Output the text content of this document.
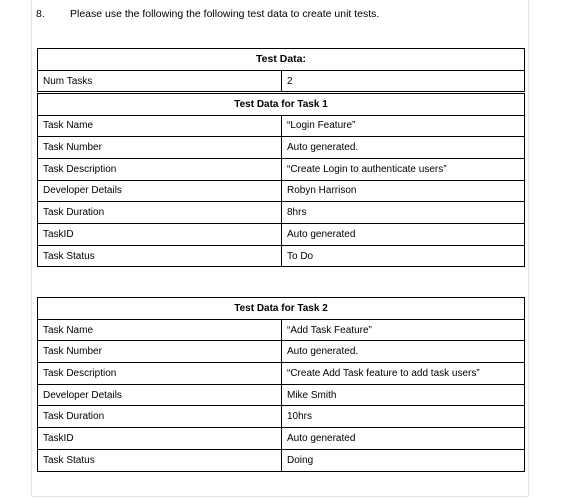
8. Please use the following the following test data to create unit tests.
Test Data:	
Num Tasks	2

Test Data for Task 1	
Task Name	“Login Feature”
Task Number	Auto generated.
Task Description	“Create Login to authenticate users”
Developer Details	Robyn Harrison
Task Duration	8hrs
TaskID	Auto generated
Task Status	To Do
Test Data for Task 2	
Task Name	“Add Task Feature”
Task Number	Auto generated.
Task Description	“Create Add Task feature to add task users”
Developer Details	Mike Smith
Task Duration	10hrs
TaskID	Auto generated
Task Status	Doing
